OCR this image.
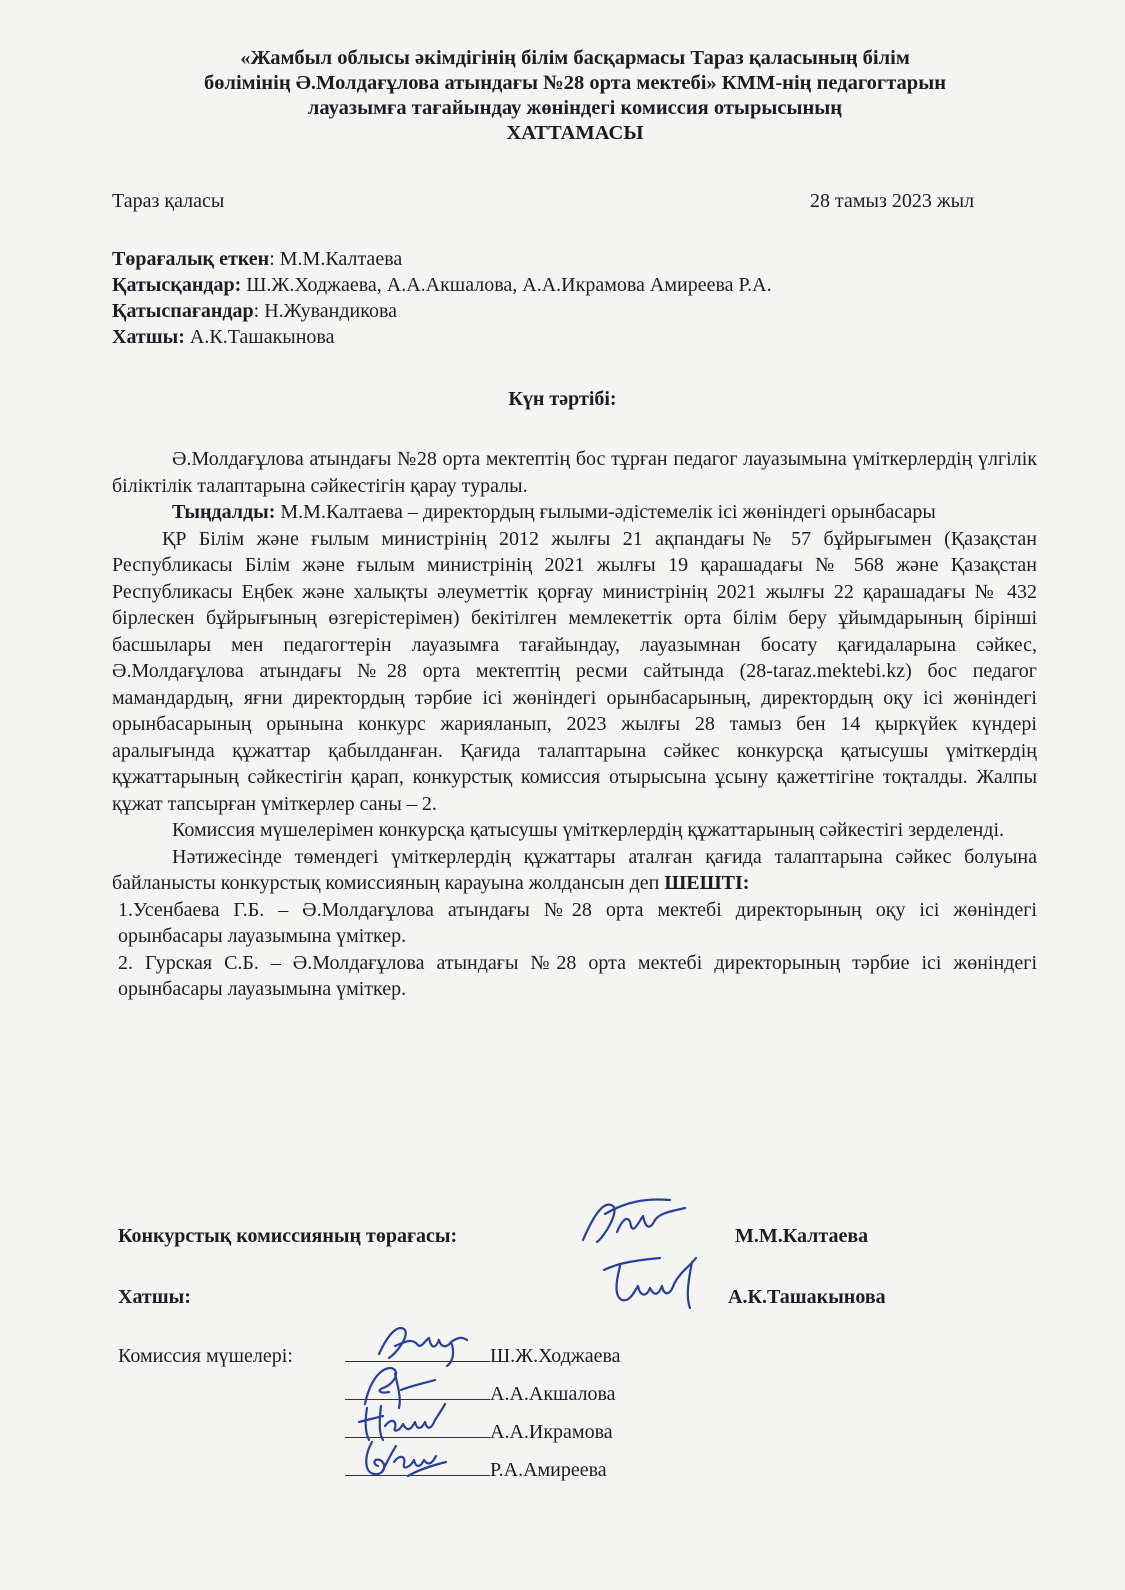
«Жамбыл облысы әкімдігінің білім басқармасы Тараз қаласының білім
бөлімінің Ә.Молдағұлова атындағы №28 орта мектебі» КММ-нің педагогтарын
лауазымға тағайындау жөніндегі комиссия отырысының
ХАТТАМАСЫ
Тараз қаласы	28 тамыз 2023 жыл
Төрағалық еткен: М.М.Калтаева
Қатысқандар: Ш.Ж.Ходжаева, А.А.Акшалова, А.А.Икрамова Амиреева Р.А.
Қатыспағандар: Н.Жувандикова
Хатшы: А.К.Ташакынова
Күн тәртібі:

Ә.Молдағұлова атындағы №28 орта мектептің бос тұрған педагог лауазымына үміткерлердің үлгілік біліктілік талаптарына сәйкестігін қарау туралы.

Тыңдалды: М.М.Калтаева – директордың ғылыми-әдістемелік ісі жөніндегі орынбасары

ҚР Білім және ғылым министрінің 2012 жылғы 21 ақпандағы№ 57 бұйрығымен (Қазақстан Республикасы Білім және ғылым министрінің 2021 жылғы 19 қарашадағы № 568 және Қазақстан Республикасы Еңбек және халықты әлеуметтік қорғау министрінің 2021 жылғы 22 қарашадағы № 432 бірлескен бұйрығының өзгерістерімен) бекітілген мемлекеттік орта білім беру ұйымдарының бірінші басшылары мен педагогтерін лауазымға тағайындау, лауазымнан босату қағидаларына сәйкес, Ә.Молдағұлова атындағы №28 орта мектептің ресми сайтында (28-taraz.mektebi.kz) бос педагог мамандардың, яғни директордың тәрбие ісі жөніндегі орынбасарының, директордың оқу ісі жөніндегі орынбасарының орынына конкурс жарияланып, 2023 жылғы 28 тамыз бен 14 қыркүйек күндері аралығында құжаттар қабылданған. Қағида талаптарына сәйкес конкурсқа қатысушы үміткердің құжаттарының сәйкестігін қарап, конкурстық комиссия отырысына ұсыну қажеттігіне тоқталды. Жалпы құжат тапсырған үміткерлер саны – 2.

Комиссия мүшелерімен конкурсқа қатысушы үміткерлердің құжаттарының сәйкестігі зерделенді.

Нәтижесінде төмендегі үміткерлердің құжаттары аталған қағида талаптарына сәйкес болуына байланысты конкурстық комиссияның карауына жолдансын деп ШЕШТІ:

1.Усенбаева Г.Б. – Ә.Молдағұлова атындағы №28 орта мектебі директорының оқу ісі жөніндегі орынбасары лауазымына үміткер.

2. Гурская С.Б. – Ә.Молдағұлова атындағы №28 орта мектебі директорының тәрбие ісі жөніндегі орынбасары лауазымына үміткер.

Конкурстық комиссияның төрағасы:	М.М.Калтаева
Хатшы:	А.К.Ташакынова
Комиссия мүшелері:	Ш.Ж.Ходжаева
А.А.Акшалова
А.А.Икрамова
Р.А.Амиреева
